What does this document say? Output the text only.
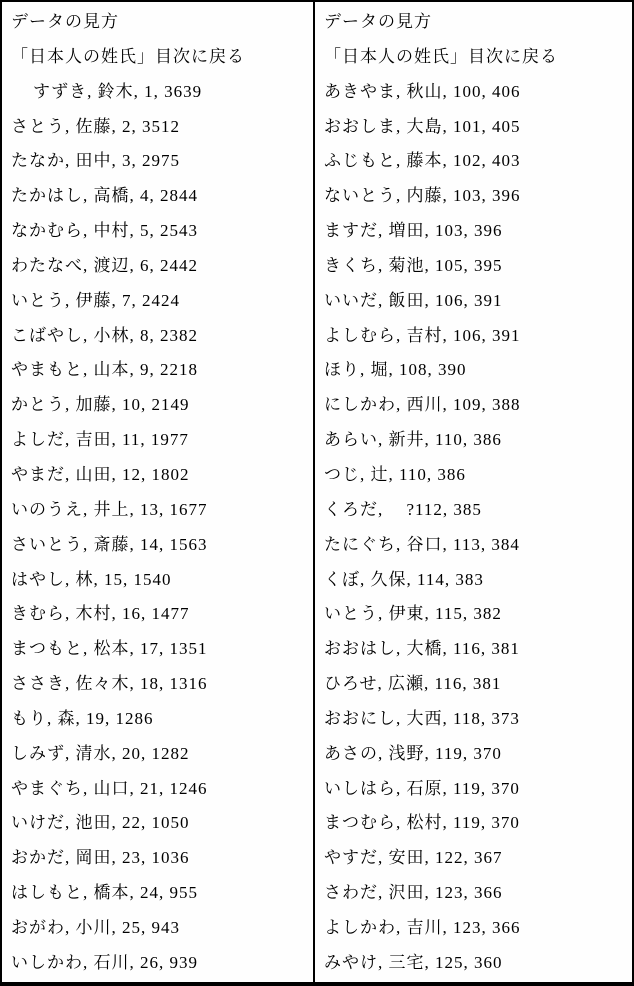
データの見方
「日本人の姓氏」目次に戻る
すずき, 鈴木, 1, 3639
さとう, 佐藤, 2, 3512
たなか, 田中, 3, 2975
たかはし, 高橋, 4, 2844
なかむら, 中村, 5, 2543
わたなべ, 渡辺, 6, 2442
いとう, 伊藤, 7, 2424
こばやし, 小林, 8, 2382
やまもと, 山本, 9, 2218
かとう, 加藤, 10, 2149
よしだ, 吉田, 11, 1977
やまだ, 山田, 12, 1802
いのうえ, 井上, 13, 1677
さいとう, 斎藤, 14, 1563
はやし, 林, 15, 1540
きむら, 木村, 16, 1477
まつもと, 松本, 17, 1351
ささき, 佐々木, 18, 1316
もり, 森, 19, 1286
しみず, 清水, 20, 1282
やまぐち, 山口, 21, 1246
いけだ, 池田, 22, 1050
おかだ, 岡田, 23, 1036
はしもと, 橋本, 24, 955
おがわ, 小川, 25, 943
いしかわ, 石川, 26, 939
データの見方
「日本人の姓氏」目次に戻る
あきやま, 秋山, 100, 406
おおしま, 大島, 101, 405
ふじもと, 藤本, 102, 403
ないとう, 内藤, 103, 396
ますだ, 増田, 103, 396
きくち, 菊池, 105, 395
いいだ, 飯田, 106, 391
よしむら, 吉村, 106, 391
ほり, 堀, 108, 390
にしかわ, 西川, 109, 388
あらい, 新井, 110, 386
つじ, 辻, 110, 386
くろだ,　 ?112, 385
たにぐち, 谷口, 113, 384
くぼ, 久保, 114, 383
いとう, 伊東, 115, 382
おおはし, 大橋, 116, 381
ひろせ, 広瀬, 116, 381
おおにし, 大西, 118, 373
あさの, 浅野, 119, 370
いしはら, 石原, 119, 370
まつむら, 松村, 119, 370
やすだ, 安田, 122, 367
さわだ, 沢田, 123, 366
よしかわ, 吉川, 123, 366
みやけ, 三宅, 125, 360
